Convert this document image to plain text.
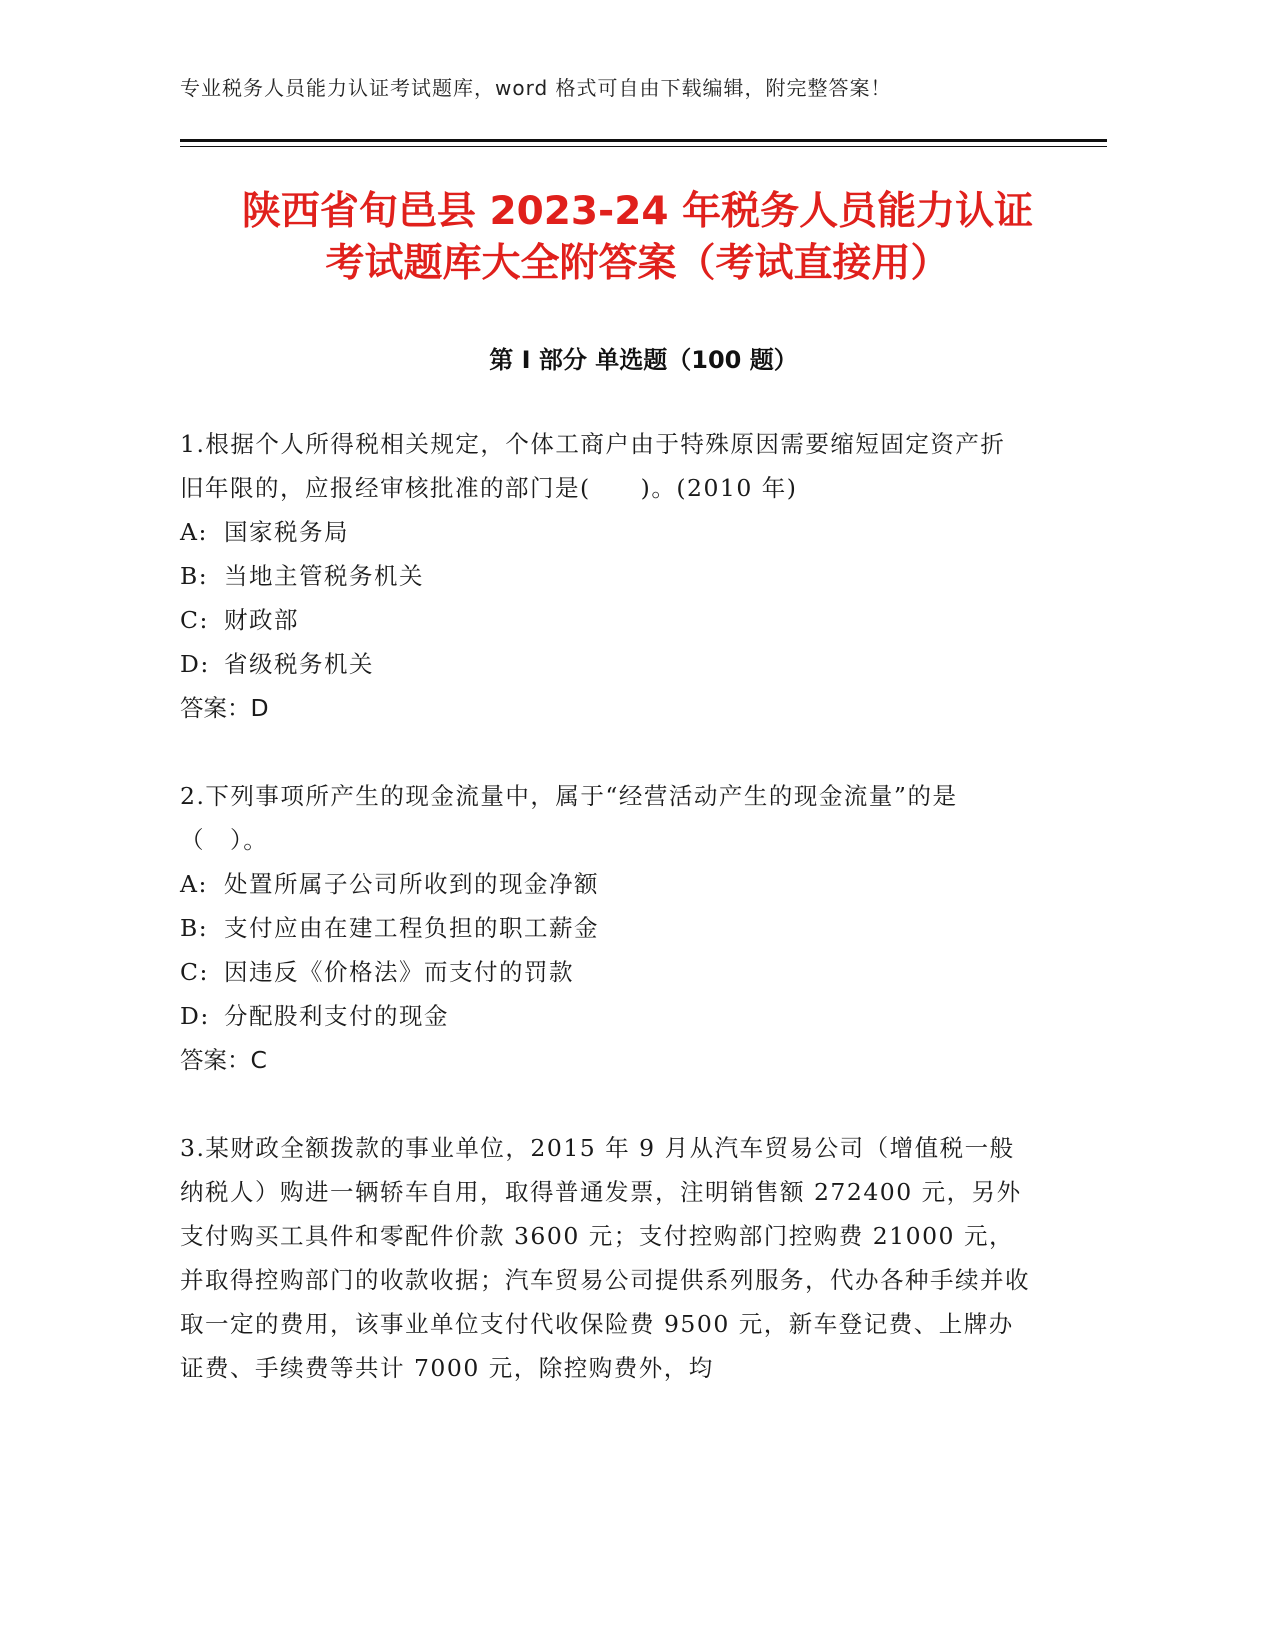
专业税务人员能力认证考试题库，word 格式可自由下载编辑，附完整答案！
陕西省旬邑县 2023-24 年税务人员能力认证
考试题库大全附答案（考试直接用）
第 I 部分 单选题（100 题）

1.根据个人所得税相关规定，个体工商户由于特殊原因需要缩短固定资产折旧年限的，应报经审核批准的部门是(　　)。(2010 年)

A: 国家税务局

B: 当地主管税务机关

C: 财政部

D: 省级税务机关

答案：D

2.下列事项所产生的现金流量中，属于“经营活动产生的现金流量”的是（　）。

A: 处置所属子公司所收到的现金净额

B: 支付应由在建工程负担的职工薪金

C: 因违反《价格法》而支付的罚款

D: 分配股利支付的现金

答案：C

3.某财政全额拨款的事业单位，2015 年 9 月从汽车贸易公司（增值税一般纳税人）购进一辆轿车自用，取得普通发票，注明销售额 272400 元，另外支付购买工具件和零配件价款 3600 元；支付控购部门控购费 21000 元，并取得控购部门的收款收据；汽车贸易公司提供系列服务，代办各种手续并收取一定的费用，该事业单位支付代收保险费 9500 元，新车登记费、上牌办证费、手续费等共计 7000 元，除控购费外，均
